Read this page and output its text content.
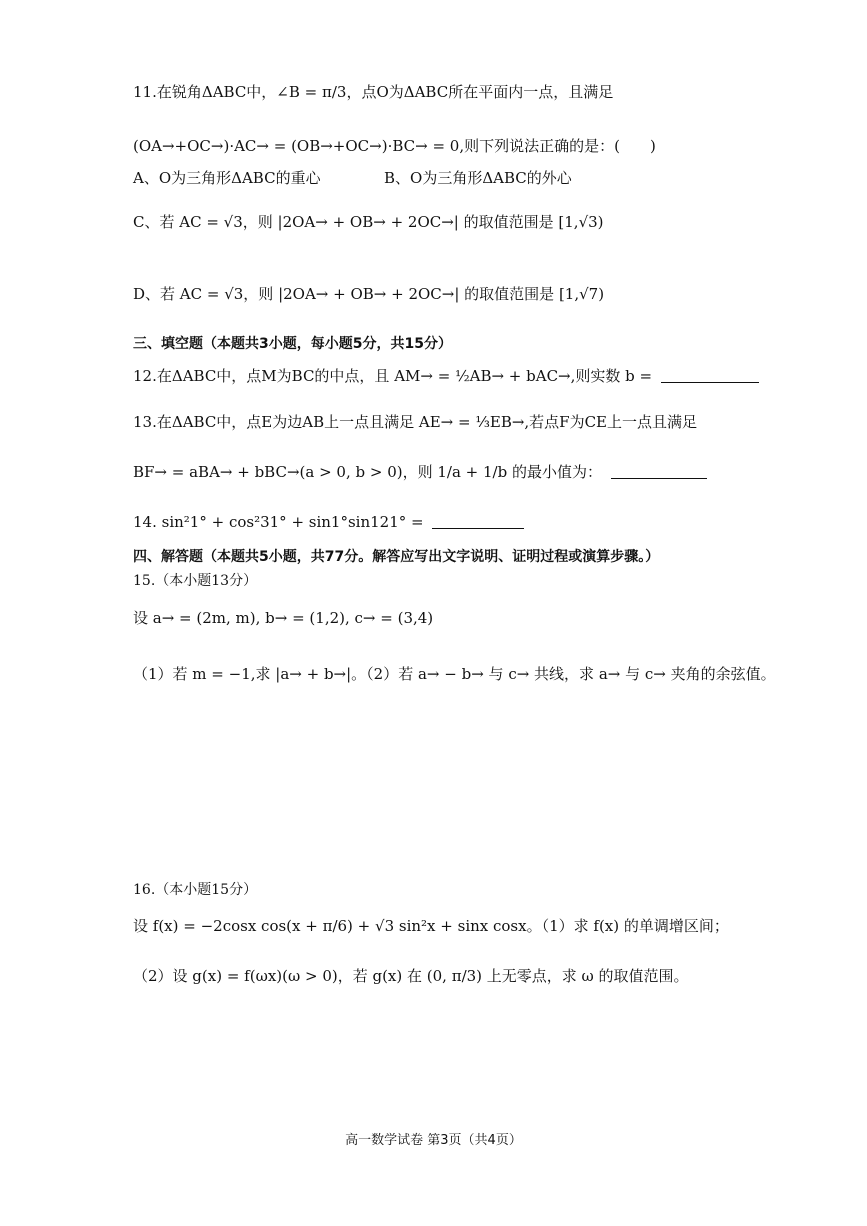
11.在锐角ΔABC中，∠B = π/3，点O为ΔABC所在平面内一点，且满足
(OA→+OC→)·AC→ = (OB→+OC→)·BC→ = 0,则下列说法正确的是：(　　)
A、O为三角形ΔABC的重心	B、O为三角形ΔABC的外心
C、若 AC = √3，则 |2OA→ + OB→ + 2OC→| 的取值范围是 [1,√3)
D、若 AC = √3，则 |2OA→ + OB→ + 2OC→| 的取值范围是 [1,√7)
三、填空题（本题共3小题，每小题5分，共15分）
12.在ΔABC中，点M为BC的中点，且 AM→ = ½AB→ + bAC→,则实数 b =
13.在ΔABC中，点E为边AB上一点且满足 AE→ = ⅓EB→,若点F为CE上一点且满足
BF→ = aBA→ + bBC→(a > 0, b > 0)，则 1/a + 1/b 的最小值为：
14. sin²1° + cos²31° + sin1°sin121° =
四、解答题（本题共5小题，共77分。解答应写出文字说明、证明过程或演算步骤。）
15.（本小题13分）
设 a→ = (2m, m), b→ = (1,2), c→ = (3,4)
（1）若 m = −1,求 |a→ + b→|。（2）若 a→ − b→ 与 c→ 共线，求 a→ 与 c→ 夹角的余弦值。
16.（本小题15分）
设 f(x) = −2cosx cos(x + π/6) + √3 sin²x + sinx cosx。（1）求 f(x) 的单调增区间；
（2）设 g(x) = f(ωx)(ω > 0)，若 g(x) 在 (0, π/3) 上无零点，求 ω 的取值范围。
高一数学试卷 第3页（共4页）
